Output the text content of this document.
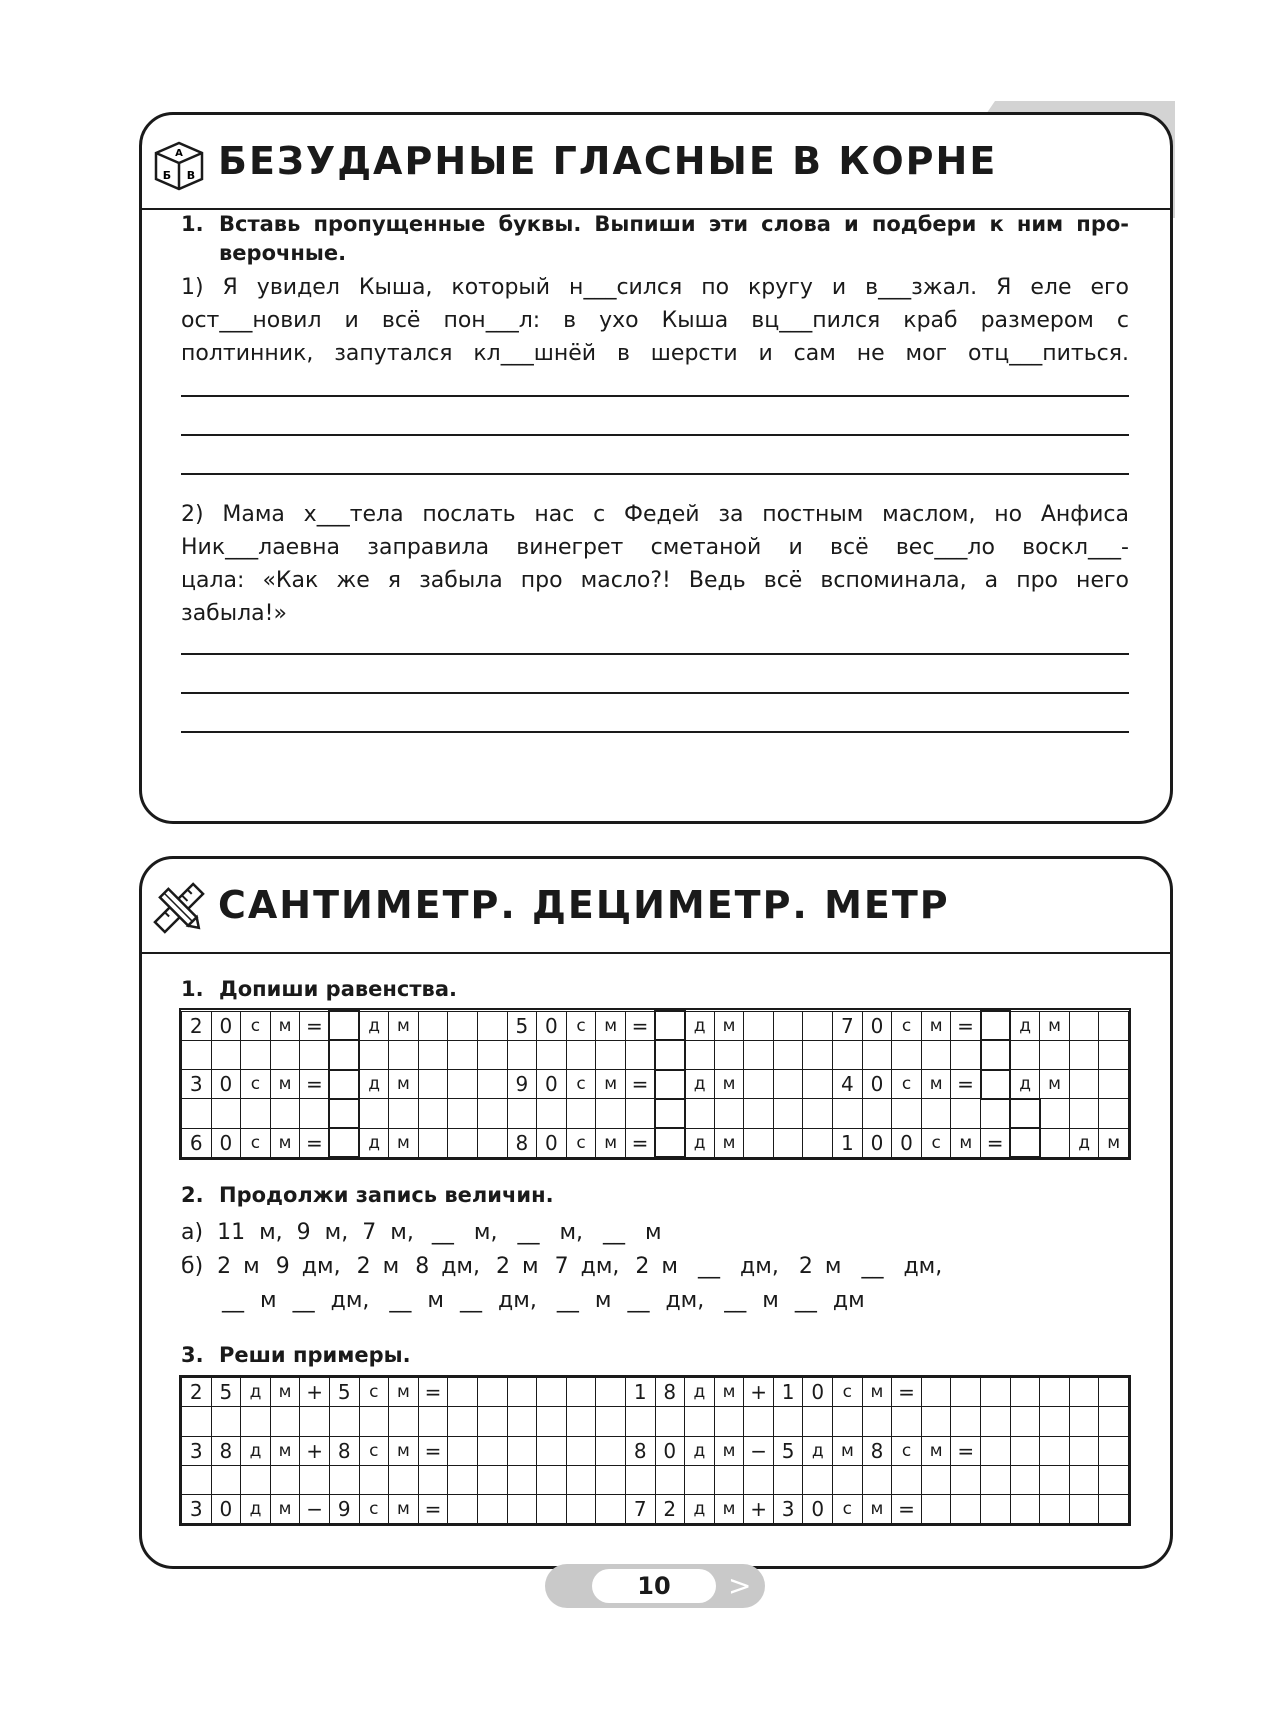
А
Б В БЕЗУДАРНЫЕ ГЛАСНЫЕ В КОРНЕ
1. Вставь пропущенные буквы. Выпиши эти слова и подбери к ним про-
верочные.
1) Я увидел Кыша, который н___сился по кругу и в___зжал. Я еле его
ост___новил и всё пон___л: в ухо Кыша вц___пился краб размером с
полтинник, запутался кл___шнёй в шерсти и сам не мог отц___питься.
2) Мама х___тела послать нас с Федей за постным маслом, но Анфиса
Ник___лаевна заправила винегрет сметаной и всё вес___ло воскл___-
цала: «Как же я забыла про масло?! Ведь всё вспоминала, а про него
забыла!»
САНТИМЕТР. ДЕЦИМЕТР. МЕТР
1. Допиши равенства.
2	0	с	м	=		д	м				5	0	с	м	=		д	м				7	0	с	м	=		д	м		

3	0	с	м	=		д	м				9	0	с	м	=		д	м				4	0	с	м	=		д	м		

6	0	с	м	=		д	м				8	0	с	м	=		д	м				1	0	0	с	м	=			д	м
2. Продолжи запись величин.
а) 11 м, 9 м, 7 м, __ м, __ м, __ м
б) 2 м 9 дм, 2 м 8 дм, 2 м 7 дм, 2 м __ дм, 2 м __ дм,
__ м __ дм, __ м __ дм, __ м __ дм, __ м __ дм
3. Реши примеры.
2	5	д	м	+	5	с	м	=							1	8	д	м	+	1	0	с	м	=							

3	8	д	м	+	8	с	м	=							8	0	д	м	−	5	д	м	8	с	м	=					

3	0	д	м	−	9	с	м	=							7	2	д	м	+	3	0	с	м	=							
10	>
